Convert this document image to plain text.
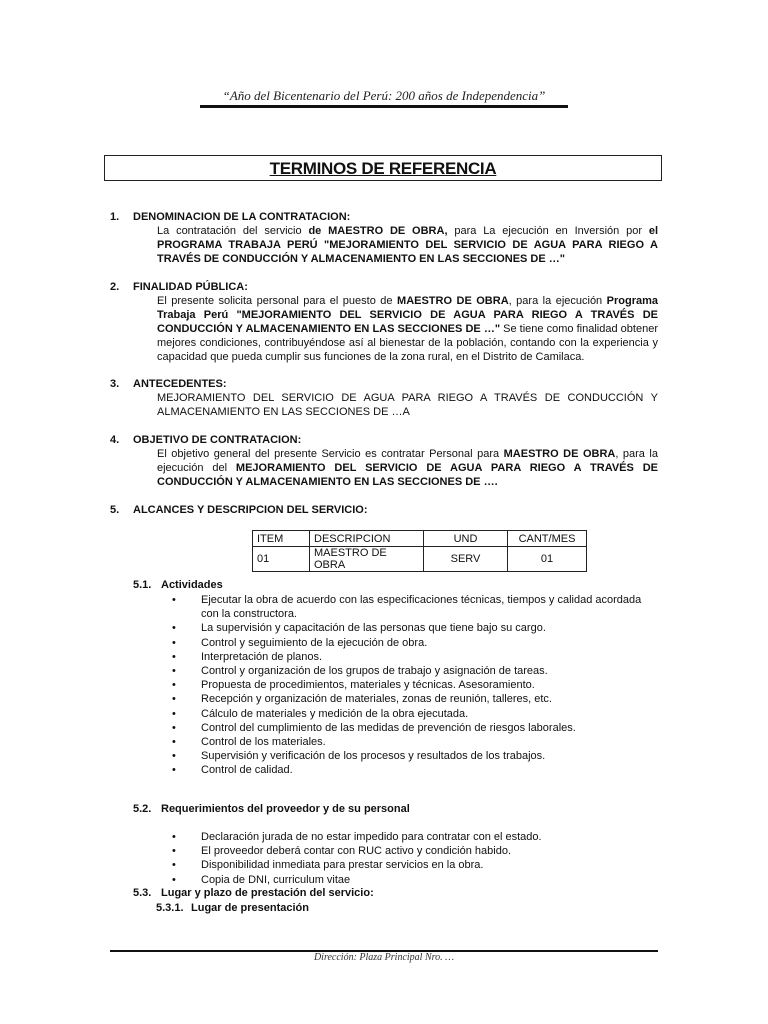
“Año del Bicentenario del Perú: 200 años de Independencia”
TERMINOS DE REFERENCIA
1. DENOMINACION DE LA CONTRATACION:
La contratación del servicio de MAESTRO DE OBRA, para La ejecución en Inversión por el PROGRAMA TRABAJA PERÚ "MEJORAMIENTO DEL SERVICIO DE AGUA PARA RIEGO A TRAVÉS DE CONDUCCIÓN Y ALMACENAMIENTO EN LAS SECCIONES DE …"
2. FINALIDAD PÚBLICA:
El presente solicita personal para el puesto de MAESTRO DE OBRA, para la ejecución Programa Trabaja Perú "MEJORAMIENTO DEL SERVICIO DE AGUA PARA RIEGO A TRAVÉS DE CONDUCCIÓN Y ALMACENAMIENTO EN LAS SECCIONES DE …" Se tiene como finalidad obtener mejores condiciones, contribuyéndose así al bienestar de la población, contando con la experiencia y capacidad que pueda cumplir sus funciones de la zona rural, en el Distrito de Camilaca.
3. ANTECEDENTES:
MEJORAMIENTO DEL SERVICIO DE AGUA PARA RIEGO A TRAVÉS DE CONDUCCIÓN Y ALMACENAMIENTO EN LAS SECCIONES DE …A
4. OBJETIVO DE CONTRATACION:
El objetivo general del presente Servicio es contratar Personal para MAESTRO DE OBRA, para la ejecución del MEJORAMIENTO DEL SERVICIO DE AGUA PARA RIEGO A TRAVÉS DE CONDUCCIÓN Y ALMACENAMIENTO EN LAS SECCIONES DE ….
5. ALCANCES Y DESCRIPCION DEL SERVICIO:
ITEM	DESCRIPCION	UND	CANT/MES
01	MAESTRO DE OBRA	SERV	01
5.1. Actividades
• Ejecutar la obra de acuerdo con las especificaciones técnicas, tiempos y calidad acordada con la constructora.
• La supervisión y capacitación de las personas que tiene bajo su cargo.
• Control y seguimiento de la ejecución de obra.
• Interpretación de planos.
• Control y organización de los grupos de trabajo y asignación de tareas.
• Propuesta de procedimientos, materiales y técnicas. Asesoramiento.
• Recepción y organización de materiales, zonas de reunión, talleres, etc.
• Cálculo de materiales y medición de la obra ejecutada.
• Control del cumplimiento de las medidas de prevención de riesgos laborales.
• Control de los materiales.
• Supervisión y verificación de los procesos y resultados de los trabajos.
• Control de calidad.
5.2. Requerimientos del proveedor y de su personal
• Declaración jurada de no estar impedido para contratar con el estado.
• El proveedor deberá contar con RUC activo y condición habido.
• Disponibilidad inmediata para prestar servicios en la obra.
• Copia de DNI, curriculum vitae
5.3. Lugar y plazo de prestación del servicio:
5.3.1. Lugar de presentación
Dirección: Plaza Principal Nro. …
